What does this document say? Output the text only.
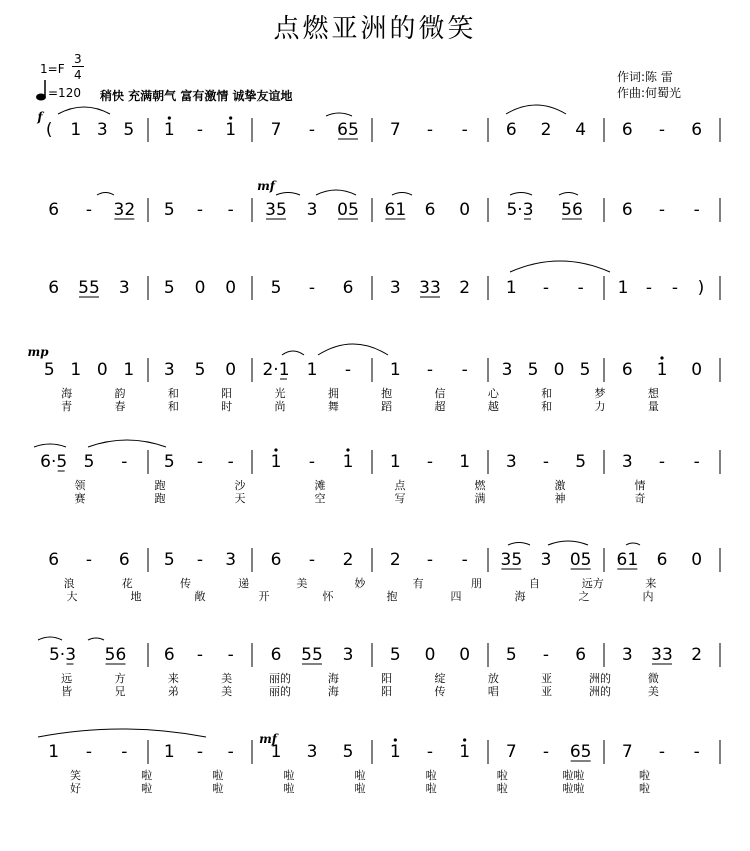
点燃亚洲的微笑
1=F
3
4
=120 稍快 充满朝气 富有激情 诚挚友谊地
作词:陈 雷
作曲:何蜀光
( 1 3 5 1 - 1 7 - 65 7 - - 6 2 4 6 - 6
6 - 32 5 - - 35 3 05 61 6 0 5·3 56 6 - -
6 55 3 5 0 0 5 - 6 3 33 2 1 - - 1 - - )
5 1 0 1 3 5 0 2·1 1 - 1 - - 3 5 0 5 6 1 0
海	韵	和	阳	光	拥	抱	信	心	和	梦	想
青	春	和	时	尚	舞	蹈	超	越	和	力	量
6·5 5 - 5 - - 1 - 1 1 - 1 3 - 5 3 - -
领	跑	沙	滩	点	燃	激	情
赛	跑	天	空	写	满	神	奇
6 - 6 5 - 3 6 - 2 2 - - 35 3 05 61 6 0
浪	花	传	递	美	妙	有	朋	自	远方	来
大	地	敞	开	怀	抱	四	海	之	内
5·3 56 6 - - 6 55 3 5 0 0 5 - 6 3 33 2
远	方	来	美	丽的	海	阳	绽	放	亚	洲的	微
皆	兄	弟	美	丽的	海	阳	传	唱	亚	洲的	美
1 - - 1 - - 1 3 5 1 - 1 7 - 65 7 - -
笑	啦	啦	啦	啦	啦	啦	啦啦	啦
好	啦	啦	啦	啦	啦	啦	啦啦	啦
f
mf
mp
mf
